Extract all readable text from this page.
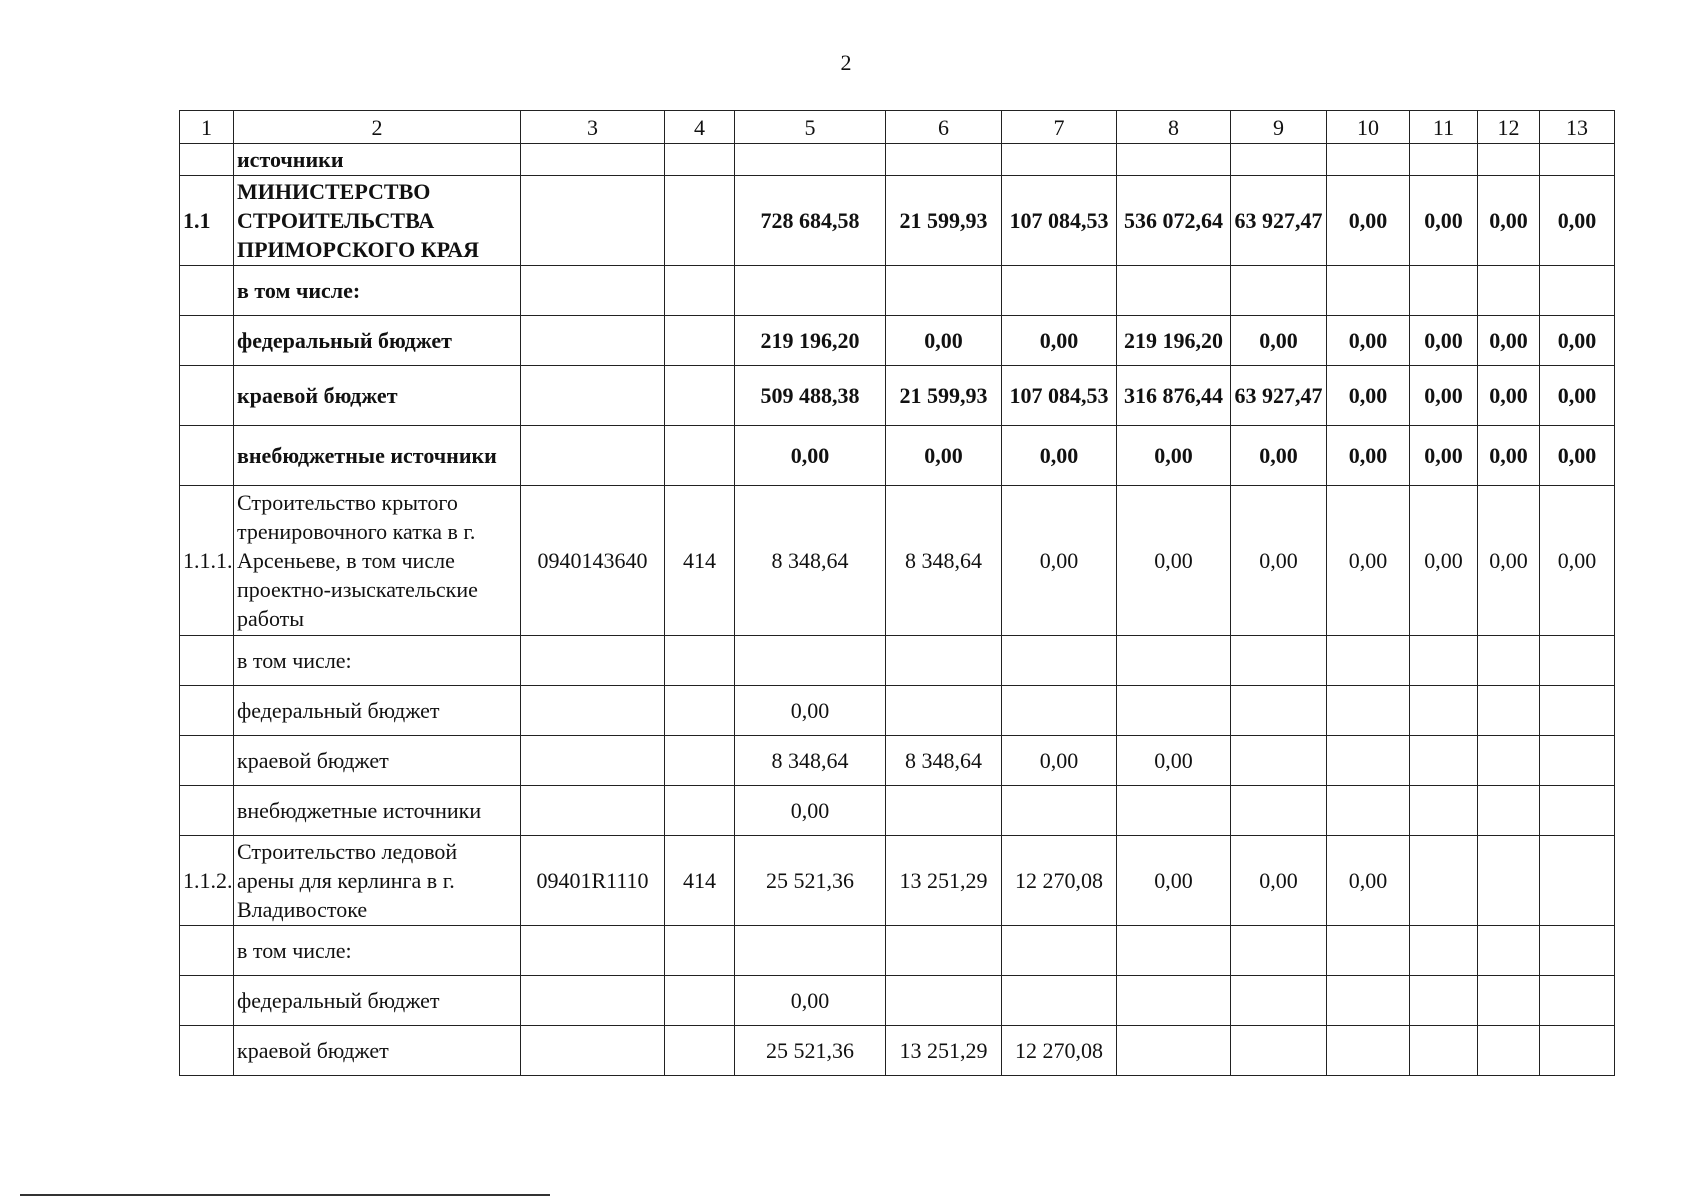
2
1	2	3	4	5	6	7	8	9	10	11	12	13
	источники											
1.1	МИНИСТЕРСТВО СТРОИТЕЛЬСТВА ПРИМОРСКОГО КРАЯ			728 684,58	21 599,93	107 084,53	536 072,64	63 927,47	0,00	0,00	0,00	0,00
	в том числе:											
	федеральный бюджет			219 196,20	0,00	0,00	219 196,20	0,00	0,00	0,00	0,00	0,00
	краевой бюджет			509 488,38	21 599,93	107 084,53	316 876,44	63 927,47	0,00	0,00	0,00	0,00
	внебюджетные источники			0,00	0,00	0,00	0,00	0,00	0,00	0,00	0,00	0,00
1.1.1.	Строительство крытого тренировочного катка в г. Арсеньеве, в том числе проектно-изыскательские работы	0940143640	414	8 348,64	8 348,64	0,00	0,00	0,00	0,00	0,00	0,00	0,00
	в том числе:											
	федеральный бюджет			0,00								
	краевой бюджет			8 348,64	8 348,64	0,00	0,00					
	внебюджетные источники			0,00								
1.1.2.	Строительство ледовой арены для керлинга в г. Владивостоке	09401R1110	414	25 521,36	13 251,29	12 270,08	0,00	0,00	0,00			
	в том числе:											
	федеральный бюджет			0,00								
	краевой бюджет			25 521,36	13 251,29	12 270,08						
